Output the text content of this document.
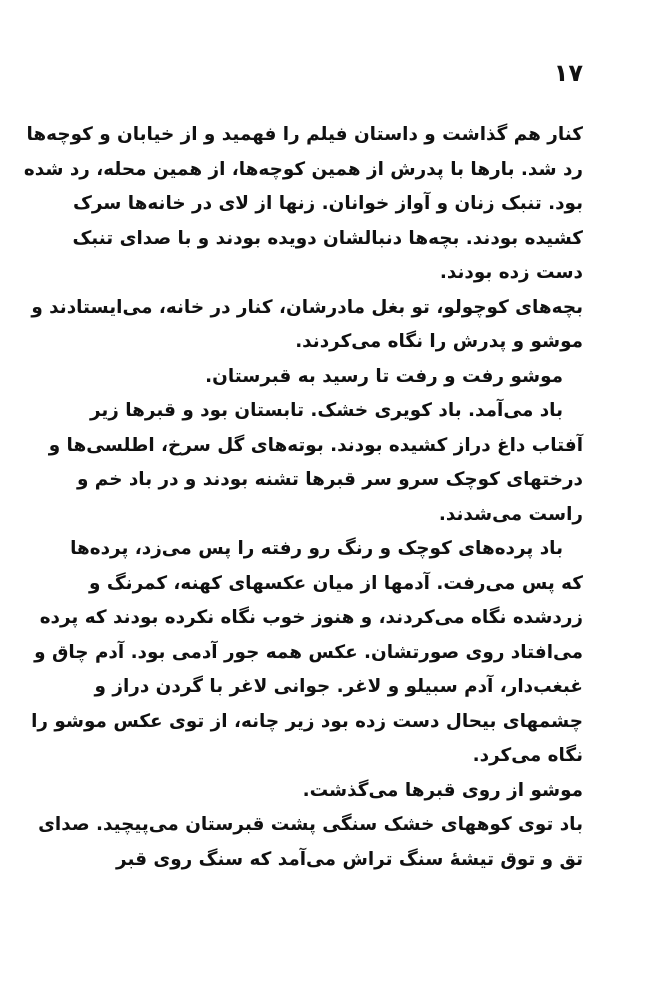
۱۷
کنار هم گذاشت و داستان فیلم را فهمید و از خیابان و کوچه‌ها
رد شد. بارها با پدرش از همین کوچه‌ها، از همین محله، رد شده
بود. تنبک زنان و آواز خوانان. زنها از لای در خانه‌ها سرک
کشیده بودند. بچه‌ها دنبالشان دویده بودند و با صدای تنبک
دست زده بودند.
بچه‌های کوچولو، تو بغل مادرشان، کنار در خانه، می‌ایستادند و
موشو و پدرش را نگاه می‌کردند.
موشو رفت و رفت تا رسید به قبرستان.
باد می‌آمد. باد کویری خشک. تابستان بود و قبرها زیر
آفتاب داغ دراز کشیده بودند. بوته‌های گل سرخ، اطلسی‌ها و
درختهای کوچک سرو سر قبرها تشنه بودند و در باد خم و
راست می‌شدند.
باد پرده‌های کوچک و رنگ رو رفته را پس می‌زد، پرده‌ها
که پس می‌رفت. آدمها از میان عکسهای کهنه، کمرنگ و
زردشده نگاه می‌کردند، و هنوز خوب نگاه نکرده بودند که پرده
می‌افتاد روی صورتشان. عکس همه جور آدمی بود. آدم چاق و
غبغب‌دار، آدم سبیلو و لاغر. جوانی لاغر با گردن دراز و
چشمهای بیحال دست زده بود زیر چانه، از توی عکس موشو را
نگاه می‌کرد.
موشو از روی قبرها می‌گذشت.
باد توی کوههای خشک سنگی پشت قبرستان می‌پیچید. صدای
تق و توق تیشهٔ سنگ تراش می‌آمد که سنگ روی قبر
